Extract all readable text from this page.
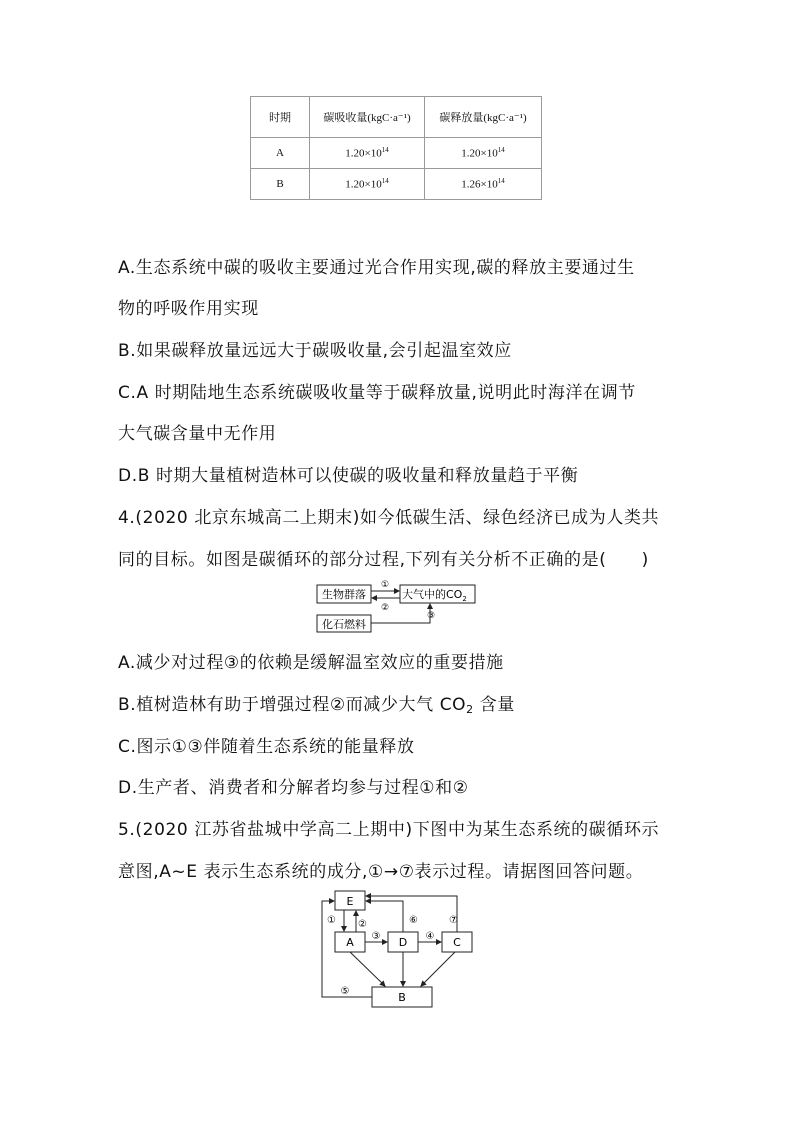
时期	碳吸收量(kgC·a⁻¹)	碳释放量(kgC·a⁻¹)
A	$1.20\times 10^{14}$	$1.20\times 10^{14}$
B	$1.20\times 10^{14}$	$1.26\times 10^{14}$
A.生态系统中碳的吸收主要通过光合作用实现,碳的释放主要通过生
物的呼吸作用实现
B.如果碳释放量远远大于碳吸收量,会引起温室效应
C.A 时期陆地生态系统碳吸收量等于碳释放量,说明此时海洋在调节
大气碳含量中无作用
D.B 时期大量植树造林可以使碳的吸收量和释放量趋于平衡
4.(2020 北京东城高二上期末)如今低碳生活、绿色经济已成为人类共
同的目标。如图是碳循环的部分过程,下列有关分析不正确的是(　　)
生物群落	大气中的$CO_2$
化石燃料
①
②
③
A.减少对过程③的依赖是缓解温室效应的重要措施
B.植树造林有助于增强过程②而减少大气 $CO_2$ 含量
C.图示①③伴随着生态系统的能量释放
D.生产者、消费者和分解者均参与过程①和②
5.(2020 江苏省盐城中学高二上期中)下图中为某生态系统的碳循环示
意图,A~E 表示生态系统的成分,①→⑦表示过程。请据图回答问题。
E
A	D	C
B
① ②
③	④
⑤
⑥	⑦
